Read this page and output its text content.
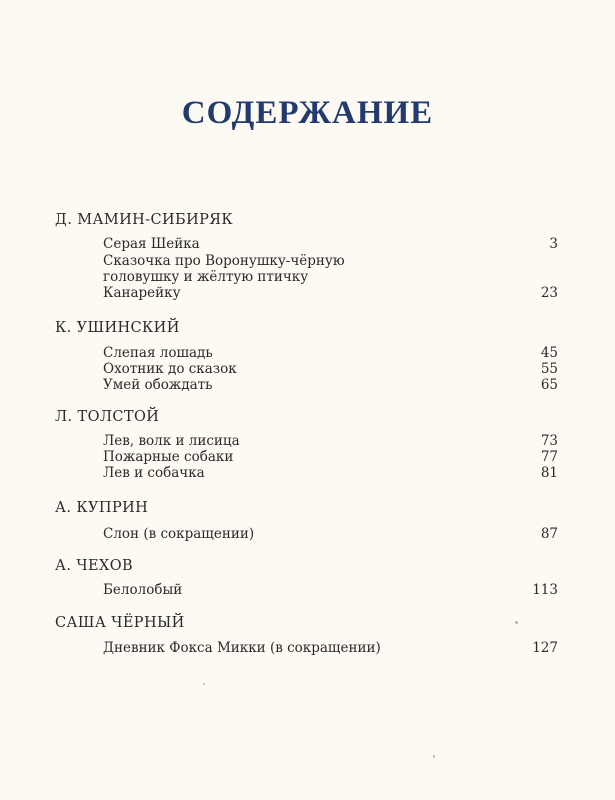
СОДЕРЖАНИЕ
Д. МАМИН-СИБИРЯК
Серая Шейка	3
Сказочка про Воронушку-чёрную
головушку и жёлтую птичку
Канарейку	23
К. УШИНСКИЙ
Слепая лошадь	45
Охотник до сказок	55
Умей обождать	65
Л. ТОЛСТОЙ
Лев, волк и лисица	73
Пожарные собаки	77
Лев и собачка	81
А. КУПРИН
Слон (в сокращении)	87
А. ЧЕХОВ
Белолобый	113
САША ЧЁРНЫЙ
Дневник Фокса Микки (в сокращении)	127
